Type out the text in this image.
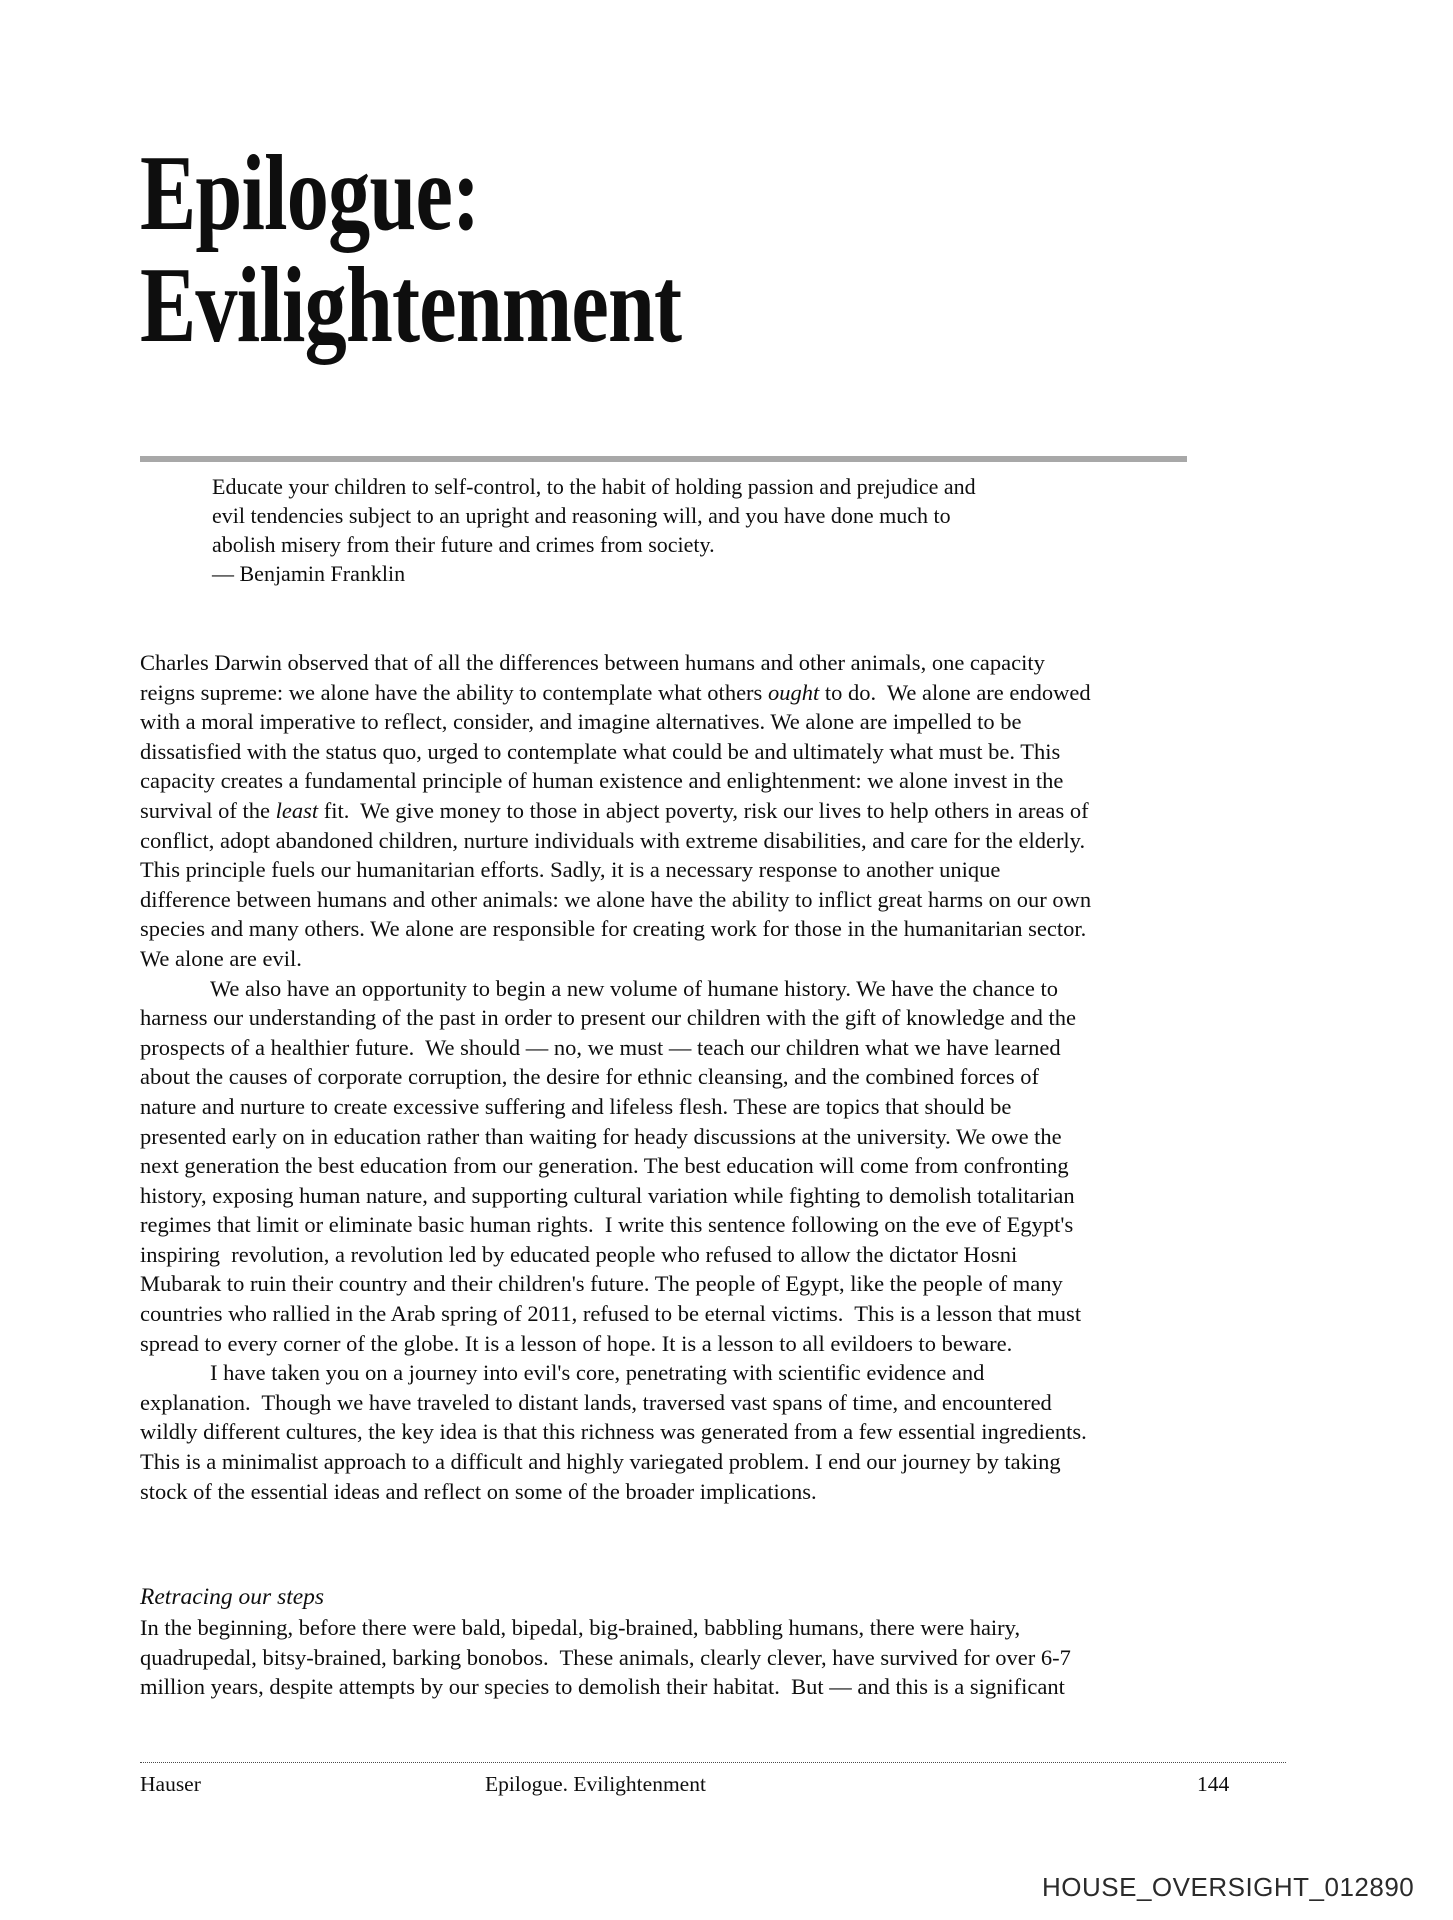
Epilogue:
Evilightenment
Educate your children to self-control, to the habit of holding passion and prejudice and
evil tendencies subject to an upright and reasoning will, and you have done much to
abolish misery from their future and crimes from society.
— Benjamin Franklin
Charles Darwin observed that of all the differences between humans and other animals, one capacity
reigns supreme: we alone have the ability to contemplate what others ought to do.  We alone are endowed
with a moral imperative to reflect, consider, and imagine alternatives. We alone are impelled to be
dissatisfied with the status quo, urged to contemplate what could be and ultimately what must be. This
capacity creates a fundamental principle of human existence and enlightenment: we alone invest in the
survival of the least fit.  We give money to those in abject poverty, risk our lives to help others in areas of
conflict, adopt abandoned children, nurture individuals with extreme disabilities, and care for the elderly.
This principle fuels our humanitarian efforts. Sadly, it is a necessary response to another unique
difference between humans and other animals: we alone have the ability to inflict great harms on our own
species and many others. We alone are responsible for creating work for those in the humanitarian sector.
We alone are evil.
We also have an opportunity to begin a new volume of humane history. We have the chance to
harness our understanding of the past in order to present our children with the gift of knowledge and the
prospects of a healthier future.  We should — no, we must — teach our children what we have learned
about the causes of corporate corruption, the desire for ethnic cleansing, and the combined forces of
nature and nurture to create excessive suffering and lifeless flesh. These are topics that should be
presented early on in education rather than waiting for heady discussions at the university. We owe the
next generation the best education from our generation. The best education will come from confronting
history, exposing human nature, and supporting cultural variation while fighting to demolish totalitarian
regimes that limit or eliminate basic human rights.  I write this sentence following on the eve of Egypt's
inspiring  revolution, a revolution led by educated people who refused to allow the dictator Hosni
Mubarak to ruin their country and their children's future. The people of Egypt, like the people of many
countries who rallied in the Arab spring of 2011, refused to be eternal victims.  This is a lesson that must
spread to every corner of the globe. It is a lesson of hope. It is a lesson to all evildoers to beware.
I have taken you on a journey into evil's core, penetrating with scientific evidence and
explanation.  Though we have traveled to distant lands, traversed vast spans of time, and encountered
wildly different cultures, the key idea is that this richness was generated from a few essential ingredients.
This is a minimalist approach to a difficult and highly variegated problem. I end our journey by taking
stock of the essential ideas and reflect on some of the broader implications.
Retracing our steps
In the beginning, before there were bald, bipedal, big-brained, babbling humans, there were hairy,
quadrupedal, bitsy-brained, barking bonobos.  These animals, clearly clever, have survived for over 6-7
million years, despite attempts by our species to demolish their habitat.  But — and this is a significant
Hauser	Epilogue. Evilightenment	144
HOUSE_OVERSIGHT_012890
